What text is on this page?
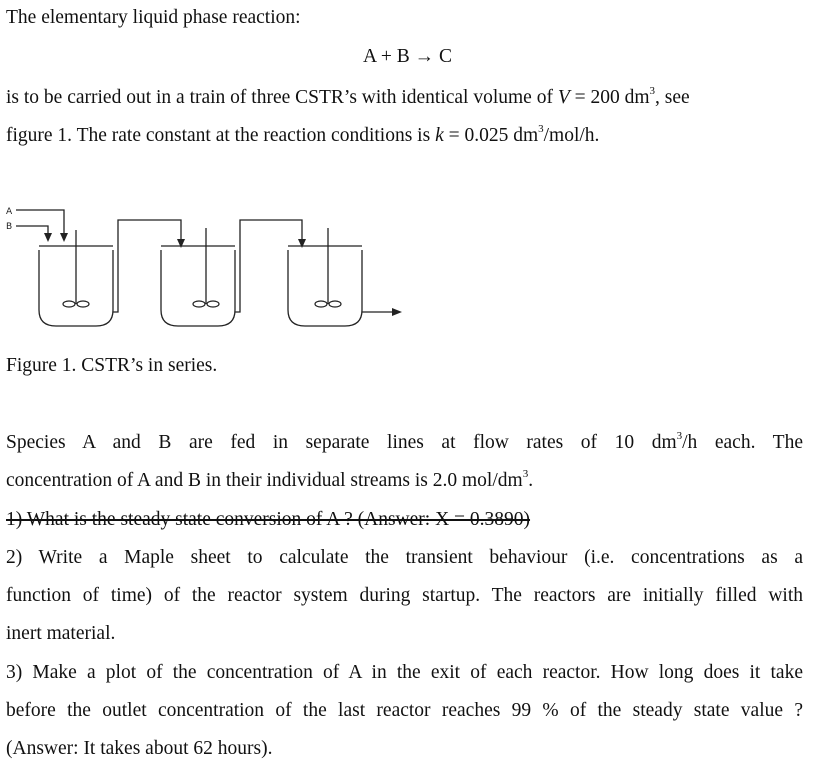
The elementary liquid phase reaction:
A + B → C
is to be carried out in a train of three CSTR’s with identical volume of V = 200 $dm^3$, see
figure 1. The rate constant at the reaction conditions is k = 0.025 $dm^3/mol/h$.
A
B
Figure 1. CSTR’s in series.
Species A and B are fed in separate lines at flow rates of 10 $dm^3/h$ each. The
concentration of A and B in their individual streams is 2.0 mol/$dm^3$.
1) What is the steady state conversion of A ? (Answer: X = 0.3890)
2) Write a Maple sheet to calculate the transient behaviour (i.e. concentrations as a
function of time) of the reactor system during startup. The reactors are initially filled with
inert material.
3) Make a plot of the concentration of A in the exit of each reactor. How long does it take
before the outlet concentration of the last reactor reaches 99 % of the steady state value ?
(Answer: It takes about 62 hours).
